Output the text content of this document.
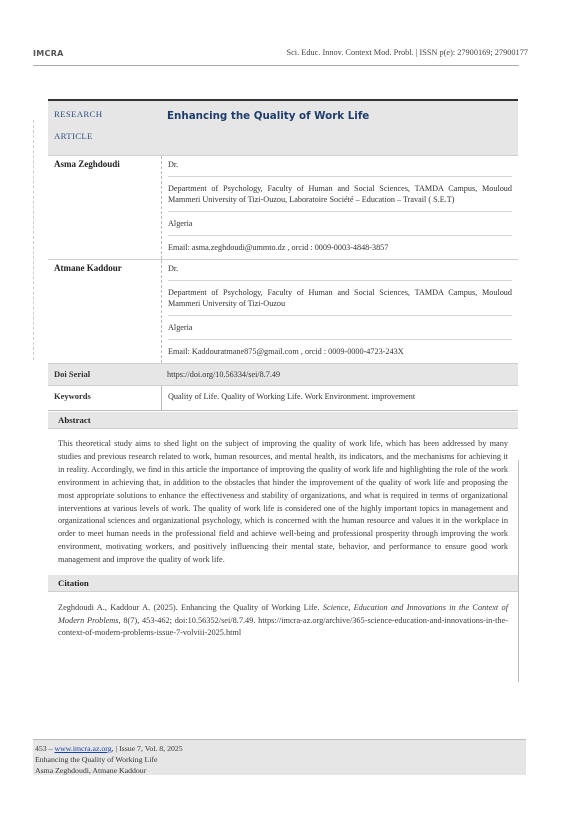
IMCRA	Sci. Educ. Innov. Context Mod. Probl. | ISSN p(e): 27900169; 27900177
RESEARCH
ARTICLE
Enhancing the Quality of Work Life
Asma Zeghdoudi	Dr.
Department of Psychology, Faculty of Human and Social Sciences, TAMDA Campus, Mouloud Mammeri University of Tizi-Ouzou, Laboratoire Société – Education – Travail ( S.E.T)
Algeria
Email: asma.zeghdoudi@ummto.dz , orcid : 0009-0003-4848-3857
Atmane Kaddour	Dr.
Department of Psychology, Faculty of Human and Social Sciences, TAMDA Campus, Mouloud Mammeri University of Tizi-Ouzou
Algeria
Email: Kaddouratmane875@gmail.com , orcid : 0009-0000-4723-243X
Doi Serial	https://doi.org/10.56334/sei/8.7.49
Keywords	Quality of Life. Quality of Working Life. Work Environment. improvement
Abstract
This theoretical study aims to shed light on the subject of improving the quality of work life, which has been addressed by many studies and previous research related to work, human resources, and mental health, its indicators, and the mechanisms for achieving it in reality. Accordingly, we find in this article the importance of improving the quality of work life and highlighting the role of the work environment in achieving that, in addition to the obstacles that hinder the improvement of the quality of work life and proposing the most appropriate solutions to enhance the effectiveness and stability of organizations, and what is required in terms of organizational interventions at various levels of work. The quality of work life is considered one of the highly important topics in management and organizational sciences and organizational psychology, which is concerned with the human resource and values it in the workplace in order to meet human needs in the professional field and achieve well-being and professional prosperity through improving the work environment, motivating workers, and positively influencing their mental state, behavior, and performance to ensure good work management and improve the quality of work life.
Citation
Zeghdoudi A., Kaddour A. (2025). Enhancing the Quality of Working Life. Science, Education and Innovations in the Context of Modern Problems, 8(7), 453-462; doi:10.56352/sei/8.7.49. https://imcra-az.org/archive/365-science-education-and-innovations-in-the-context-of-modern-problems-issue-7-volviii-2025.html
453 – www.imcra.az.org, | Issue 7, Vol. 8, 2025
Enhancing the Quality of Working Life
Asma Zeghdoudi, Atmane Kaddour
